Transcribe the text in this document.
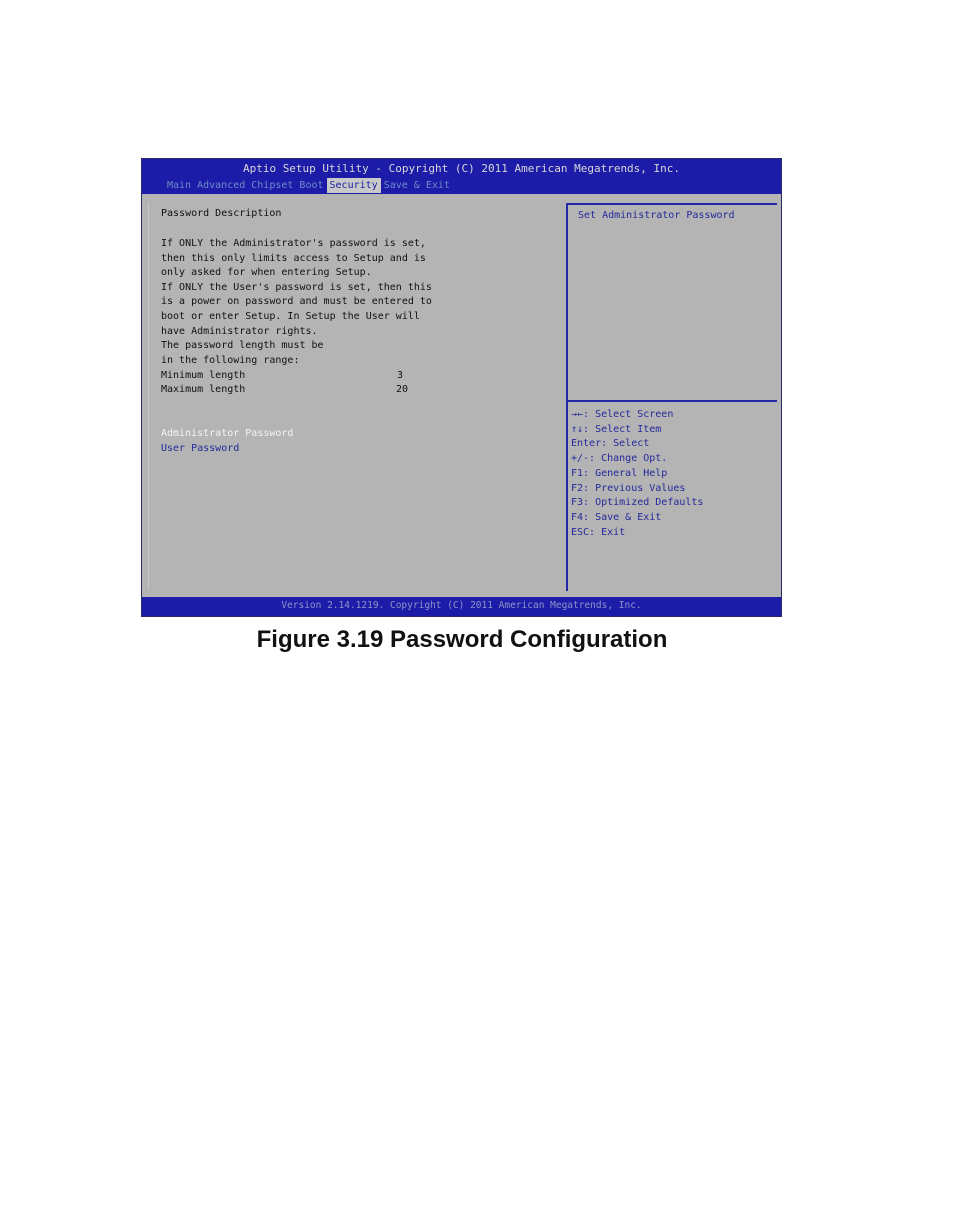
Aptio Setup Utility - Copyright (C) 2011 American Megatrends, Inc.
Main Advanced Chipset Boot Security Save & Exit
Password Description
If ONLY the Administrator's password is set,
then this only limits access to Setup and is
only asked for when entering Setup.
If ONLY the User's password is set, then this
is a power on password and must be entered to
boot or enter Setup. In Setup the User will
have Administrator rights.
The password length must be
in the following range:
Minimum length	3
Maximum length	20
Administrator Password
User Password
Set Administrator Password
→←: Select Screen
↑↓: Select Item
Enter: Select
+/-: Change Opt.
F1: General Help
F2: Previous Values
F3: Optimized Defaults
F4: Save & Exit
ESC: Exit
Version 2.14.1219. Copyright (C) 2011 American Megatrends, Inc.
Figure 3.19 Password Configuration
